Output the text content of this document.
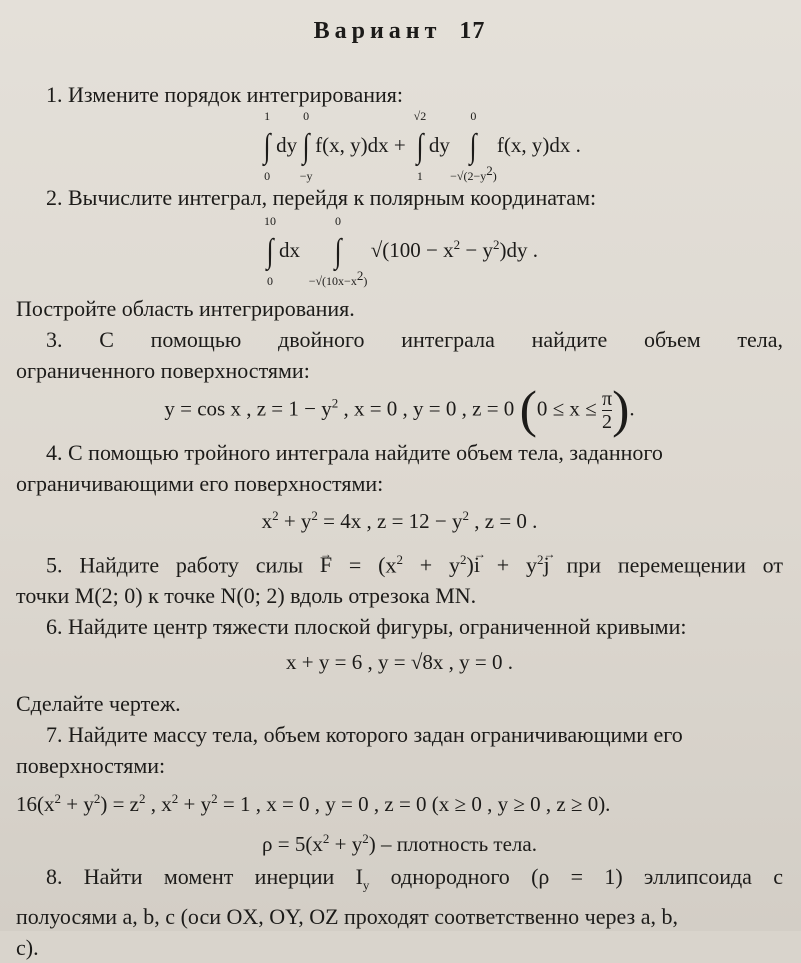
Вариант 17

1. Измените порядок интегрирования:

1
∫
0
dy
0
∫
−y
f(x, y)dx +
√2
∫
1
dy
0
∫
$-√(2-y^2)$
f(x, y)dx .

2. Вычислите интеграл, перейдя к полярным координатам:

10
∫
0
dx
0
∫
$-√(10x-x^2)$
$√(100 - x^2 - y^2)dy$ .

Постройте область интегрирования.

3. С помощью двойного интеграла найдите объем тела,

ограниченного поверхностями:

y = cos x , $z = 1 - y^2$ , x = 0 , y = 0 , z = 0 ($0 \le x \le \frac{\pi}{2}$ ).

4. С помощью тройного интеграла найдите объем тела, заданного

ограничивающими его поверхностями:

$x^2 + y^2 = 4x$ , $z = 12 - y^2$ , z = 0 .

5. Найдите работу силы → $F = (x^2 + y^2)\to i + y^2\to j$ при перемещении от

точки M(2; 0) к точке N(0; 2) вдоль отрезока MN.

6. Найдите центр тяжести плоской фигуры, ограниченной кривыми:

x + y = 6 , y = √8x , y = 0 .

Сделайте чертеж.

7. Найдите массу тела, объем которого задан ограничивающими его

поверхностями:

$16(x^2 + y^2) = z^2$ , $x^2 + y^2 = 1$ , x = 0 , y = 0 , z = 0 (x ≥ 0 , y ≥ 0 , z ≥ 0).
$\rho = 5(x^2 + y^2)$ – плотность тела.

8. Найти момент инерции $I_y$ однородного (ρ = 1) эллипсоида с

полуосями a, b, c (оси OX, OY, OZ проходят соответственно через a, b,

c).
